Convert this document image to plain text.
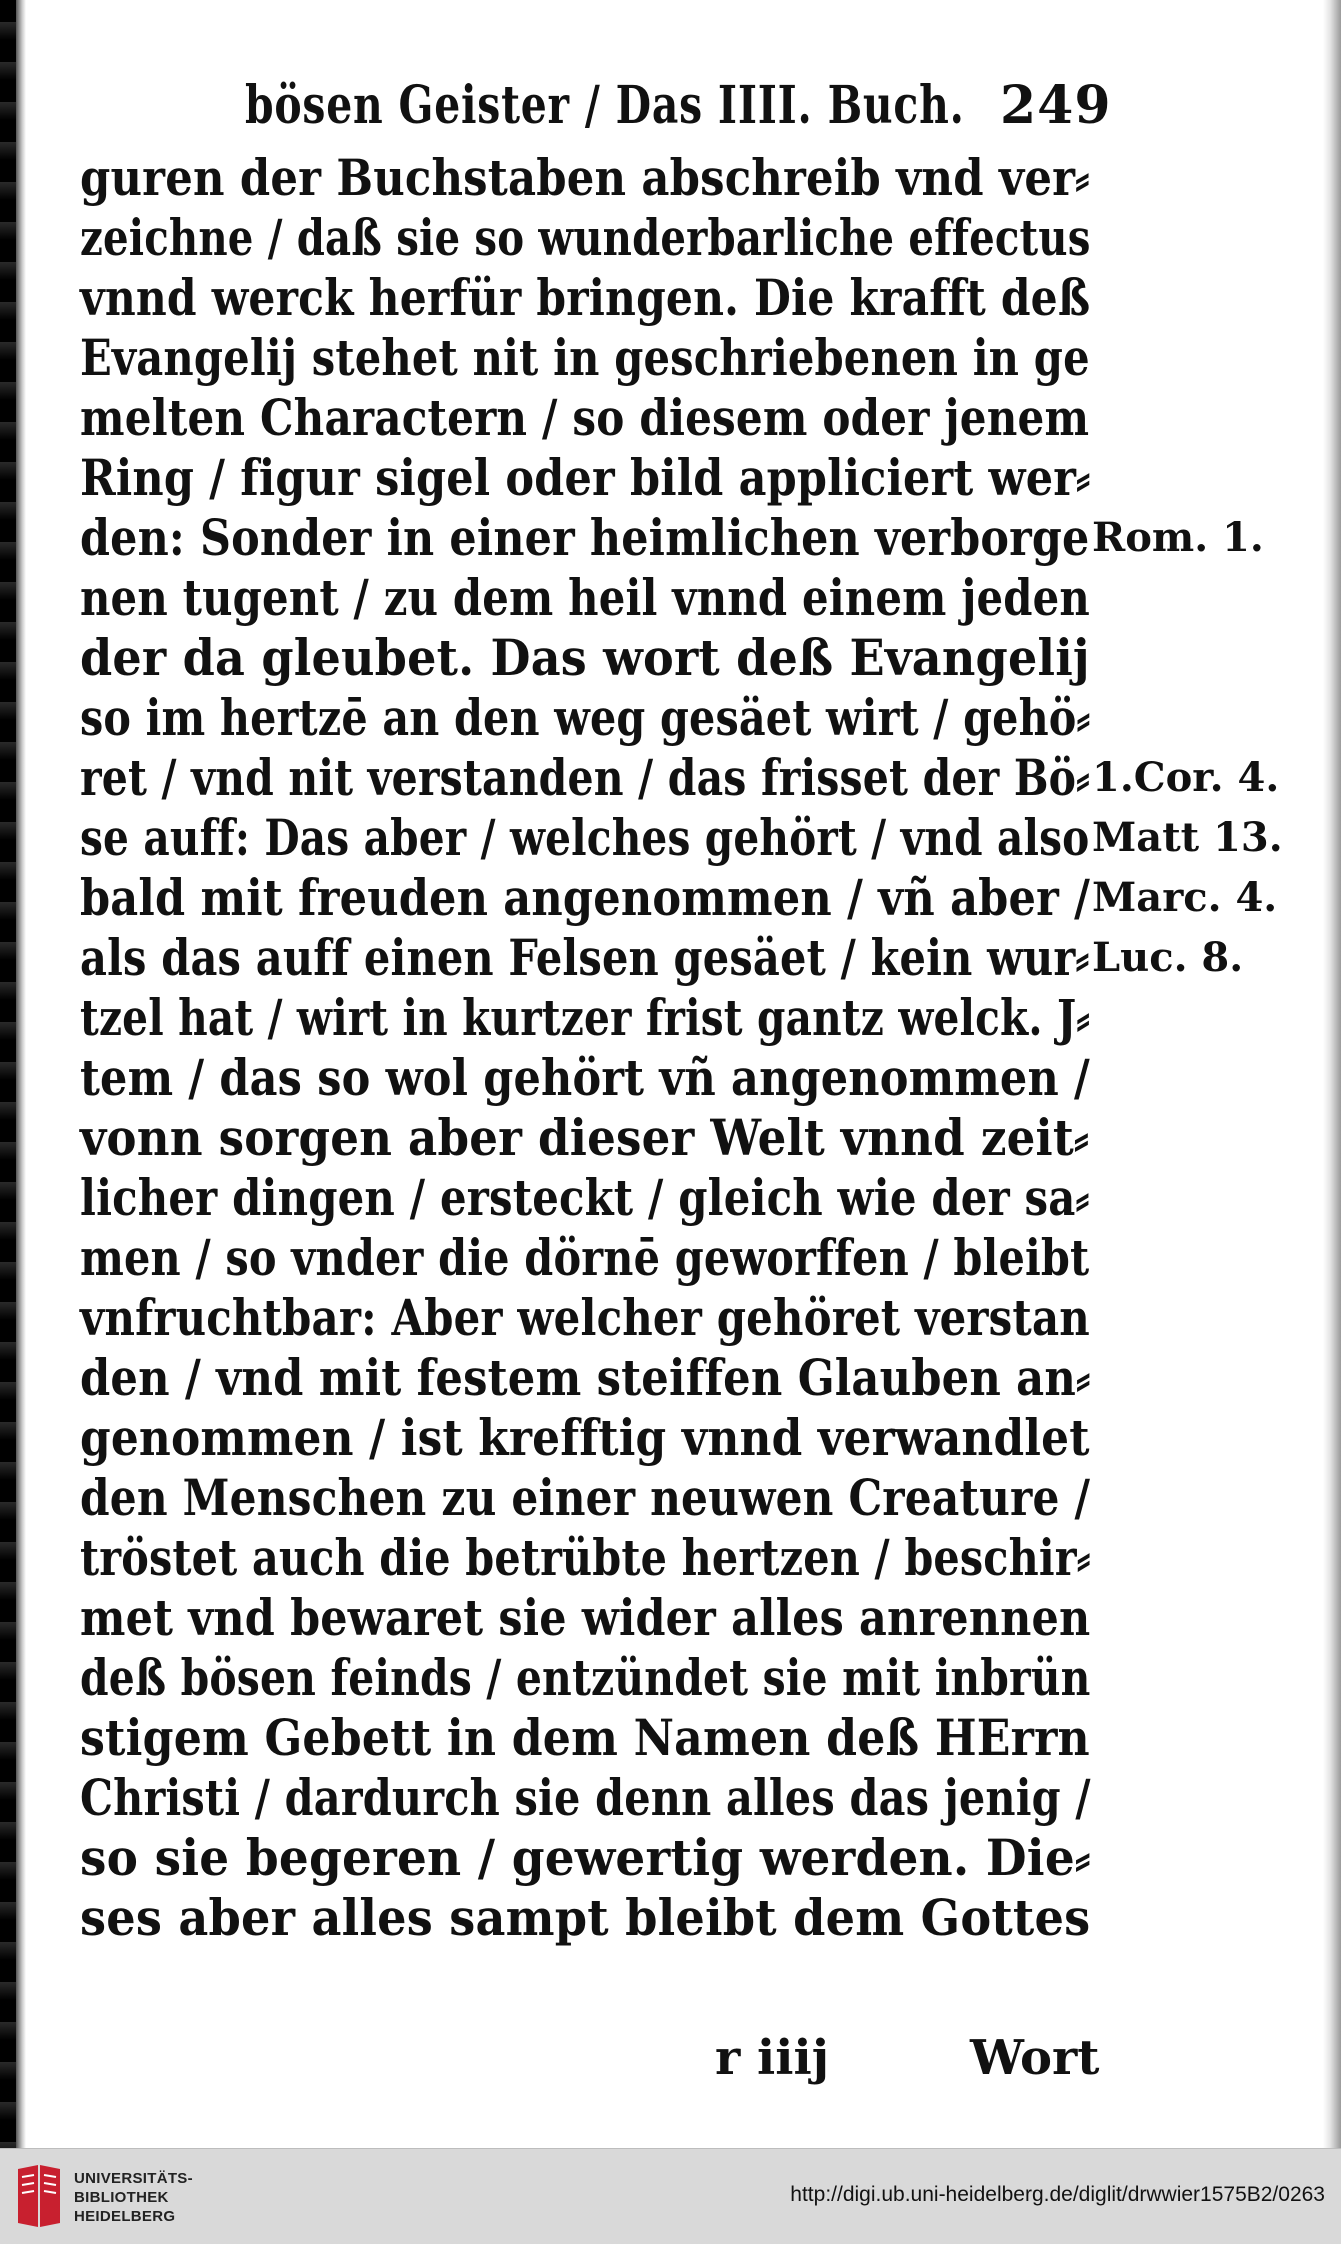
bösen Geister / Das IIII. Buch. 249
guren der Buchstaben abschreib vnd ver⸗
zeichne / daß sie so wunderbarliche effectus
vnnd werck herfür bringen. Die krafft deß
Evangelij stehet nit in geschriebenen in ge
melten Charactern / so diesem oder jenem
Ring / figur sigel oder bild appliciert wer⸗
den: Sonder in einer heimlichen verborge
nen tugent / zu dem heil vnnd einem jeden
der da gleubet. Das wort deß Evangelij
so im hertzē an den weg gesäet wirt / gehö⸗
ret / vnd nit verstanden / das frisset der Bö⸗
se auff: Das aber / welches gehört / vnd also
bald mit freuden angenommen / vñ aber /
als das auff einen Felsen gesäet / kein wur⸗
tzel hat / wirt in kurtzer frist gantz welck. J⸗
tem / das so wol gehört vñ angenommen /
vonn sorgen aber dieser Welt vnnd zeit⸗
licher dingen / ersteckt / gleich wie der sa⸗
men / so vnder die dörnē geworffen / bleibt
vnfruchtbar: Aber welcher gehöret verstan
den / vnd mit festem steiffen Glauben an⸗
genommen / ist krefftig vnnd verwandlet
den Menschen zu einer neuwen Creature /
tröstet auch die betrübte hertzen / beschir⸗
met vnd bewaret sie wider alles anrennen
deß bösen feinds / entzündet sie mit inbrün
stigem Gebett in dem Namen deß HErrn
Christi / dardurch sie denn alles das jenig /
so sie begeren / gewertig werden. Die⸗
ses aber alles sampt bleibt dem Gottes
Rom. 1.
1.Cor. 4.
Matt 13.
Marc. 4.
Luc. 8.
r iiij	Wort
UNIVERSITÄTS-
BIBLIOTHEK
HEIDELBERG
http://digi.ub.uni-heidelberg.de/diglit/drwwier1575B2/0263
